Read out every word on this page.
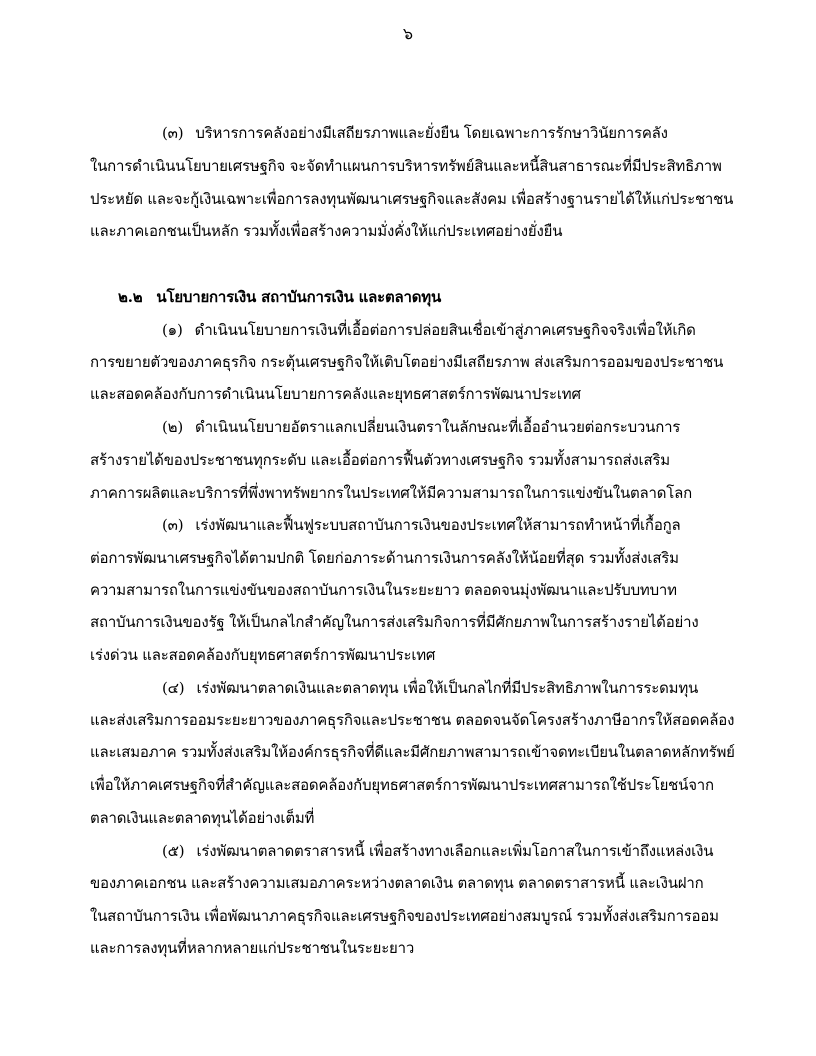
๖
(๓) บริหารการคลังอย่างมีเสถียรภาพและยั่งยืน โดยเฉพาะการรักษาวินัยการคลัง
ในการดำเนินนโยบายเศรษฐกิจ จะจัดทำแผนการบริหารทรัพย์สินและหนี้สินสาธารณะที่มีประสิทธิภาพ
ประหยัด และจะกู้เงินเฉพาะเพื่อการลงทุนพัฒนาเศรษฐกิจและสังคม เพื่อสร้างฐานรายได้ให้แก่ประชาชน
และภาคเอกชนเป็นหลัก รวมทั้งเพื่อสร้างความมั่งคั่งให้แก่ประเทศอย่างยั่งยืน
๒.๒ นโยบายการเงิน สถาบันการเงิน และตลาดทุน
(๑) ดำเนินนโยบายการเงินที่เอื้อต่อการปล่อยสินเชื่อเข้าสู่ภาคเศรษฐกิจจริงเพื่อให้เกิด
การขยายตัวของภาคธุรกิจ กระตุ้นเศรษฐกิจให้เติบโตอย่างมีเสถียรภาพ ส่งเสริมการออมของประชาชน
และสอดคล้องกับการดำเนินนโยบายการคลังและยุทธศาสตร์การพัฒนาประเทศ
(๒) ดำเนินนโยบายอัตราแลกเปลี่ยนเงินตราในลักษณะที่เอื้ออำนวยต่อกระบวนการ
สร้างรายได้ของประชาชนทุกระดับ และเอื้อต่อการฟื้นตัวทางเศรษฐกิจ รวมทั้งสามารถส่งเสริม
ภาคการผลิตและบริการที่พึ่งพาทรัพยากรในประเทศให้มีความสามารถในการแข่งขันในตลาดโลก
(๓) เร่งพัฒนาและฟื้นฟูระบบสถาบันการเงินของประเทศให้สามารถทำหน้าที่เกื้อกูล
ต่อการพัฒนาเศรษฐกิจได้ตามปกติ โดยก่อภาระด้านการเงินการคลังให้น้อยที่สุด รวมทั้งส่งเสริม
ความสามารถในการแข่งขันของสถาบันการเงินในระยะยาว ตลอดจนมุ่งพัฒนาและปรับบทบาท
สถาบันการเงินของรัฐ ให้เป็นกลไกสำคัญในการส่งเสริมกิจการที่มีศักยภาพในการสร้างรายได้อย่าง
เร่งด่วน และสอดคล้องกับยุทธศาสตร์การพัฒนาประเทศ
(๔) เร่งพัฒนาตลาดเงินและตลาดทุน เพื่อให้เป็นกลไกที่มีประสิทธิภาพในการระดมทุน
และส่งเสริมการออมระยะยาวของภาคธุรกิจและประชาชน ตลอดจนจัดโครงสร้างภาษีอากรให้สอดคล้อง
และเสมอภาค รวมทั้งส่งเสริมให้องค์กรธุรกิจที่ดีและมีศักยภาพสามารถเข้าจดทะเบียนในตลาดหลักทรัพย์
เพื่อให้ภาคเศรษฐกิจที่สำคัญและสอดคล้องกับยุทธศาสตร์การพัฒนาประเทศสามารถใช้ประโยชน์จาก
ตลาดเงินและตลาดทุนได้อย่างเต็มที่
(๕) เร่งพัฒนาตลาดตราสารหนี้ เพื่อสร้างทางเลือกและเพิ่มโอกาสในการเข้าถึงแหล่งเงิน
ของภาคเอกชน และสร้างความเสมอภาคระหว่างตลาดเงิน ตลาดทุน ตลาดตราสารหนี้ และเงินฝาก
ในสถาบันการเงิน เพื่อพัฒนาภาคธุรกิจและเศรษฐกิจของประเทศอย่างสมบูรณ์ รวมทั้งส่งเสริมการออม
และการลงทุนที่หลากหลายแก่ประชาชนในระยะยาว
